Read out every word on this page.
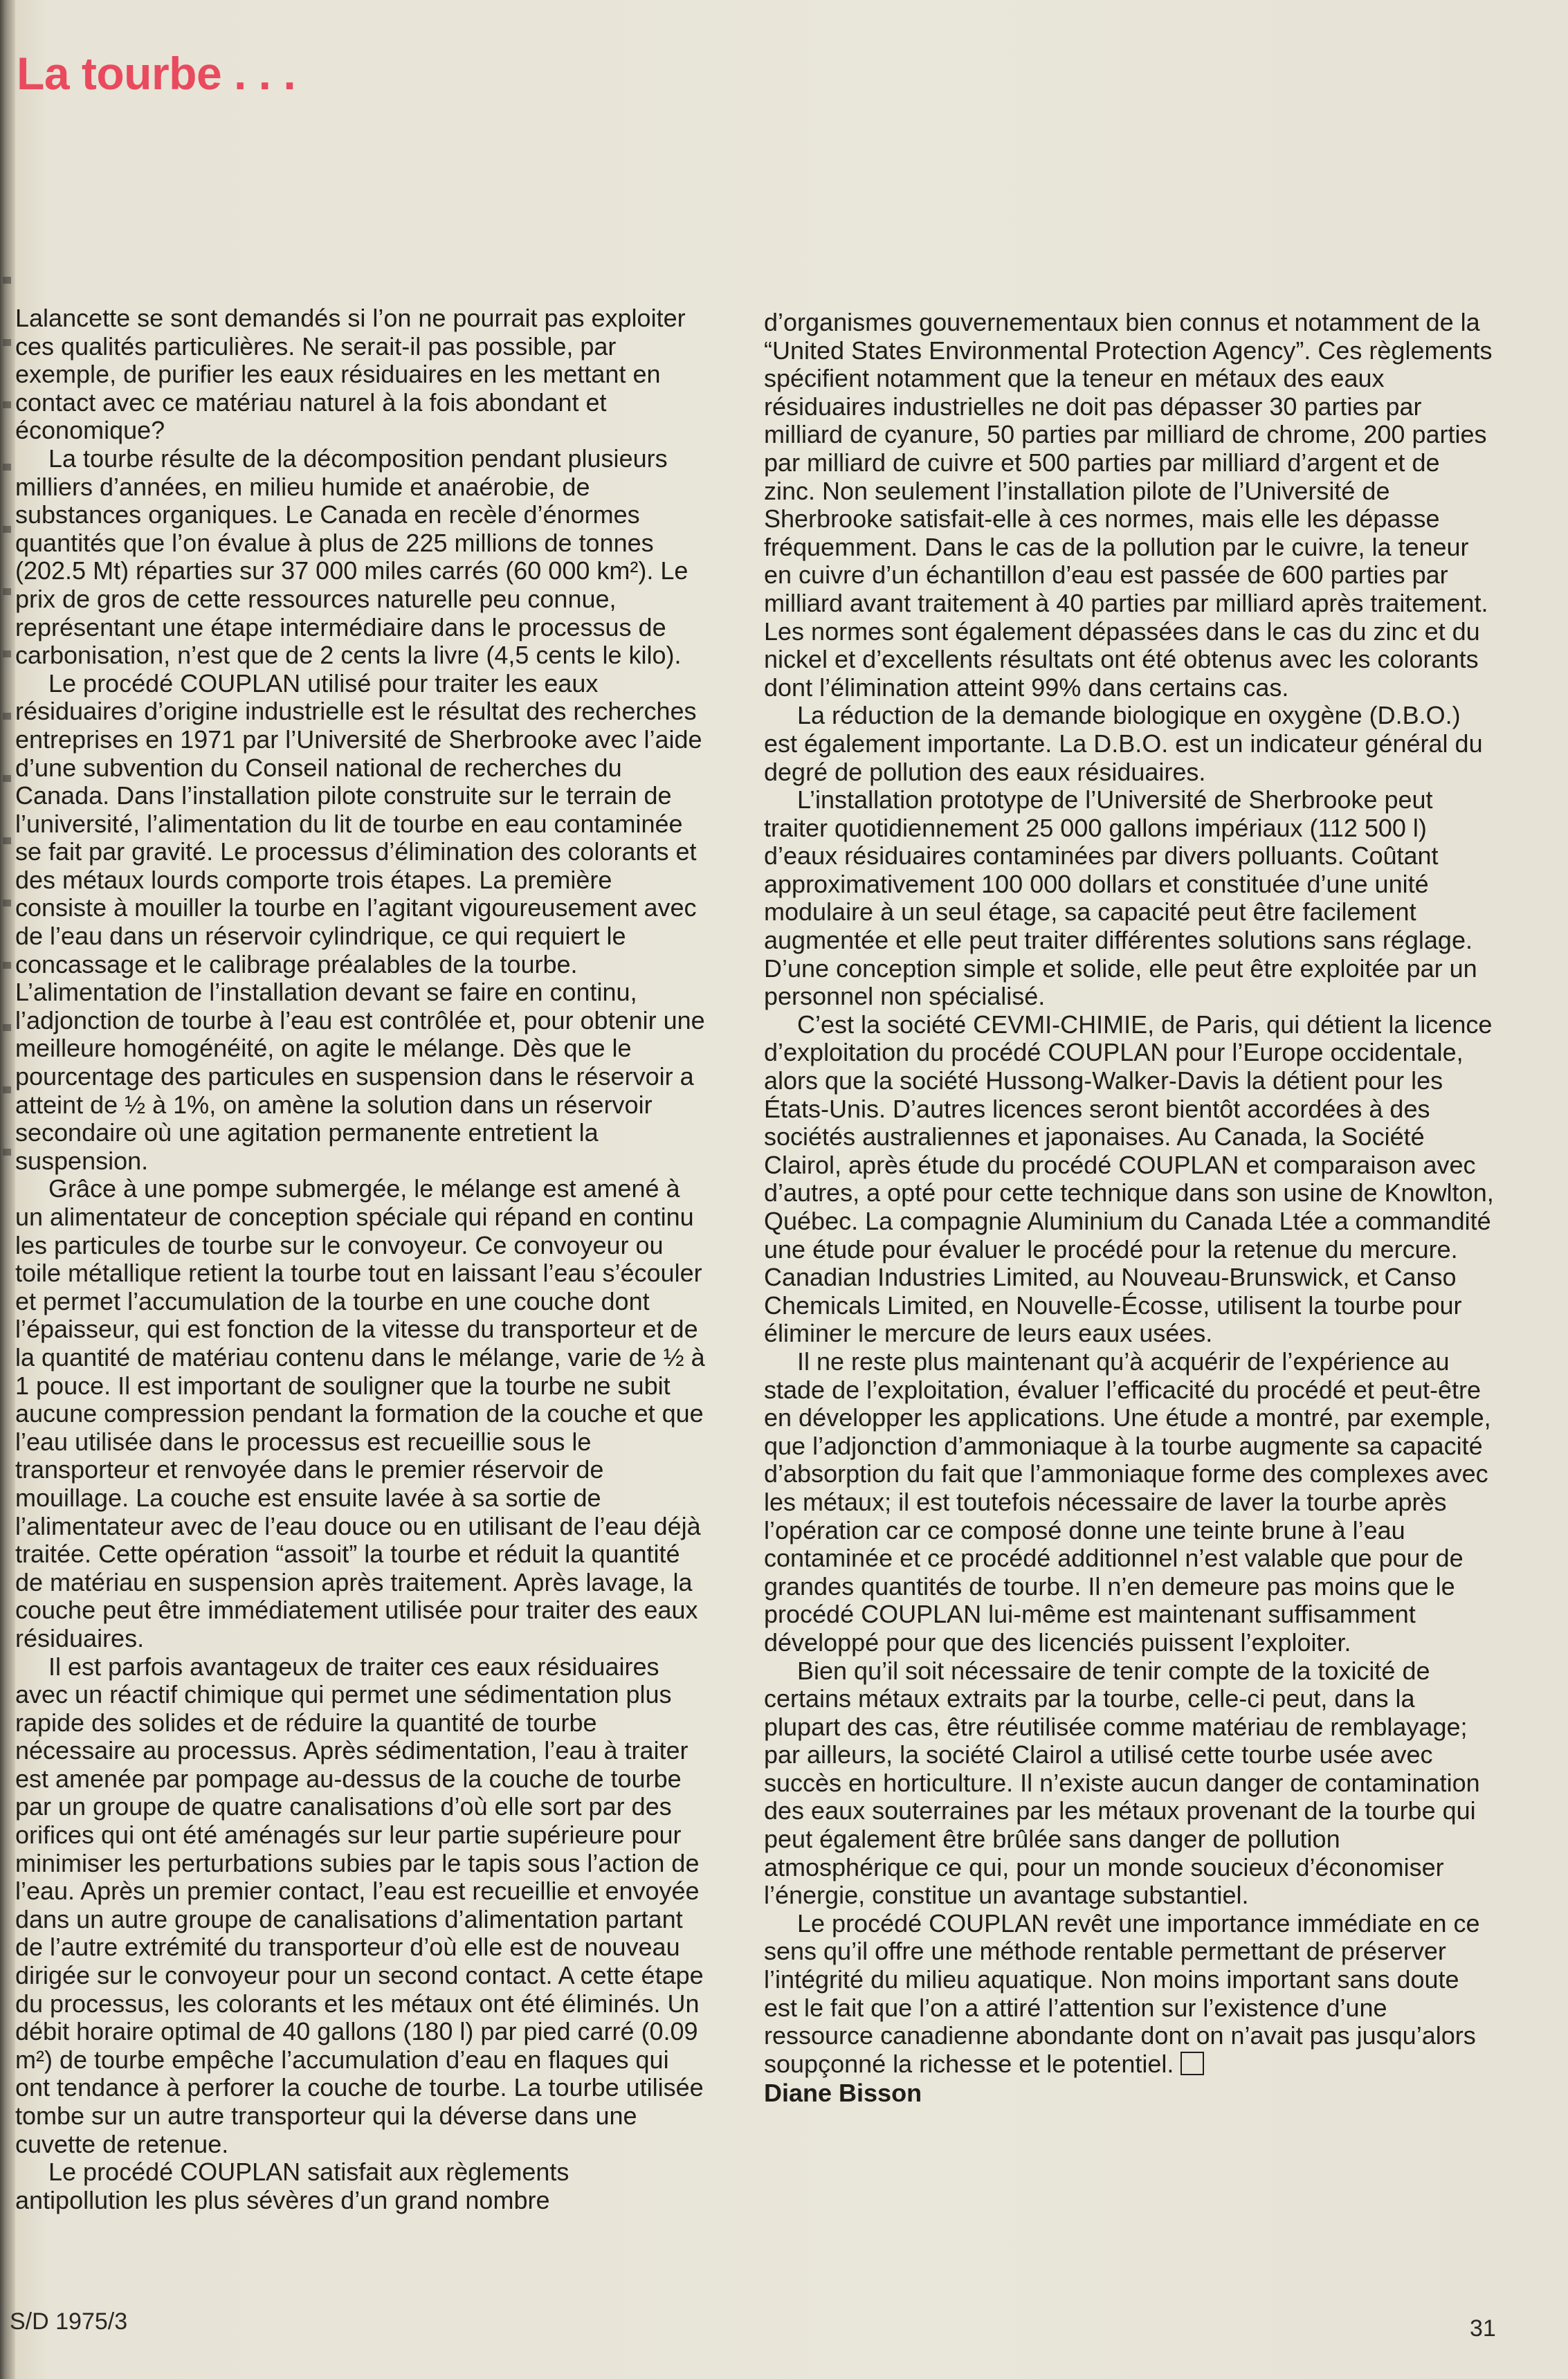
La tourbe . . .

Lalancette se sont demandés si l’on ne pourrait pas exploiter ces qualités particulières. Ne serait-il pas possible, par exemple, de purifier les eaux résiduaires en les mettant en contact avec ce matériau naturel à la fois abondant et économique?

La tourbe résulte de la décomposition pendant plusieurs milliers d’années, en milieu humide et anaérobie, de substances organiques. Le Canada en recèle d’énormes quantités que l’on évalue à plus de 225 millions de tonnes (202.5 Mt) réparties sur 37 000 miles carrés (60 000 km²). Le prix de gros de cette ressources naturelle peu connue, représentant une étape intermédiaire dans le processus de carbonisation, n’est que de 2 cents la livre (4,5 cents le kilo).

Le procédé COUPLAN utilisé pour traiter les eaux résiduaires d’origine industrielle est le résultat des recherches entreprises en 1971 par l’Université de Sherbrooke avec l’aide d’une subvention du Conseil national de recherches du Canada. Dans l’installation pilote construite sur le terrain de l’université, l’alimentation du lit de tourbe en eau contaminée se fait par gravité. Le processus d’élimination des colorants et des métaux lourds comporte trois étapes. La première consiste à mouiller la tourbe en l’agitant vigoureusement avec de l’eau dans un réservoir cylindrique, ce qui requiert le concassage et le calibrage préalables de la tourbe. L’alimentation de l’installation devant se faire en continu, l’adjonction de tourbe à l’eau est contrôlée et, pour obtenir une meilleure homogénéité, on agite le mélange. Dès que le pourcentage des particules en suspension dans le réservoir a atteint de ½ à 1%, on amène la solution dans un réservoir secondaire où une agitation permanente entretient la suspension.

Grâce à une pompe submergée, le mélange est amené à un alimentateur de conception spéciale qui répand en continu les particules de tourbe sur le convoyeur. Ce convoyeur ou toile métallique retient la tourbe tout en laissant l’eau s’écouler et permet l’accumulation de la tourbe en une couche dont l’épaisseur, qui est fonction de la vitesse du transporteur et de la quantité de matériau contenu dans le mélange, varie de ½ à 1 pouce. Il est important de souligner que la tourbe ne subit aucune compression pendant la formation de la couche et que l’eau utilisée dans le processus est recueillie sous le transporteur et renvoyée dans le premier réservoir de mouillage. La couche est ensuite lavée à sa sortie de l’alimentateur avec de l’eau douce ou en utilisant de l’eau déjà traitée. Cette opération “assoit” la tourbe et réduit la quantité de matériau en suspension après traitement. Après lavage, la couche peut être immédiatement utilisée pour traiter des eaux résiduaires.

Il est parfois avantageux de traiter ces eaux résiduaires avec un réactif chimique qui permet une sédimentation plus rapide des solides et de réduire la quantité de tourbe nécessaire au processus. Après sédimentation, l’eau à traiter est amenée par pompage au-dessus de la couche de tourbe par un groupe de quatre canalisations d’où elle sort par des orifices qui ont été aménagés sur leur partie supérieure pour minimiser les perturbations subies par le tapis sous l’action de l’eau. Après un premier contact, l’eau est recueillie et envoyée dans un autre groupe de canalisations d’alimentation partant de l’autre extrémité du transporteur d’où elle est de nouveau dirigée sur le convoyeur pour un second contact. A cette étape du processus, les colorants et les métaux ont été éliminés. Un débit horaire optimal de 40 gallons (180 l) par pied carré (0.09 m²) de tourbe empêche l’accumulation d’eau en flaques qui ont tendance à perforer la couche de tourbe. La tourbe utilisée tombe sur un autre transporteur qui la déverse dans une cuvette de retenue.

Le procédé COUPLAN satisfait aux règlements antipollution les plus sévères d’un grand nombre

d’organismes gouvernementaux bien connus et notamment de la “United States Environmental Protection Agency”. Ces règlements spécifient notamment que la teneur en métaux des eaux résiduaires industrielles ne doit pas dépasser 30 parties par milliard de cyanure, 50 parties par milliard de chrome, 200 parties par milliard de cuivre et 500 parties par milliard d’argent et de zinc. Non seulement l’installation pilote de l’Université de Sherbrooke satisfait-elle à ces normes, mais elle les dépasse fréquemment. Dans le cas de la pollution par le cuivre, la teneur en cuivre d’un échantillon d’eau est passée de 600 parties par milliard avant traitement à 40 parties par milliard après traitement. Les normes sont également dépassées dans le cas du zinc et du nickel et d’excellents résultats ont été obtenus avec les colorants dont l’élimination atteint 99% dans certains cas.

La réduction de la demande biologique en oxygène (D.B.O.) est également importante. La D.B.O. est un indicateur général du degré de pollution des eaux résiduaires.

L’installation prototype de l’Université de Sherbrooke peut traiter quotidiennement 25 000 gallons impériaux (112 500 l) d’eaux résiduaires contaminées par divers polluants. Coûtant approximativement 100 000 dollars et constituée d’une unité modulaire à un seul étage, sa capacité peut être facilement augmentée et elle peut traiter différentes solutions sans réglage. D’une conception simple et solide, elle peut être exploitée par un personnel non spécialisé.

C’est la société CEVMI-CHIMIE, de Paris, qui détient la licence d’exploitation du procédé COUPLAN pour l’Europe occidentale, alors que la société Hussong-Walker-Davis la détient pour les États-Unis. D’autres licences seront bientôt accordées à des sociétés australiennes et japonaises. Au Canada, la Société Clairol, après étude du procédé COUPLAN et comparaison avec d’autres, a opté pour cette technique dans son usine de Knowlton, Québec. La compagnie Aluminium du Canada Ltée a commandité une étude pour évaluer le procédé pour la retenue du mercure. Canadian Industries Limited, au Nouveau-Brunswick, et Canso Chemicals Limited, en Nouvelle-Écosse, utilisent la tourbe pour éliminer le mercure de leurs eaux usées.

Il ne reste plus maintenant qu’à acquérir de l’expérience au stade de l’exploitation, évaluer l’efficacité du procédé et peut-être en développer les applications. Une étude a montré, par exemple, que l’adjonction d’ammoniaque à la tourbe augmente sa capacité d’absorption du fait que l’ammoniaque forme des complexes avec les métaux; il est toutefois nécessaire de laver la tourbe après l’opération car ce composé donne une teinte brune à l’eau contaminée et ce procédé additionnel n’est valable que pour de grandes quantités de tourbe. Il n’en demeure pas moins que le procédé COUPLAN lui-même est maintenant suffisamment développé pour que des licenciés puissent l’exploiter.

Bien qu’il soit nécessaire de tenir compte de la toxicité de certains métaux extraits par la tourbe, celle-ci peut, dans la plupart des cas, être réutilisée comme matériau de remblayage; par ailleurs, la société Clairol a utilisé cette tourbe usée avec succès en horticulture. Il n’existe aucun danger de contamination des eaux souterraines par les métaux provenant de la tourbe qui peut également être brûlée sans danger de pollution atmosphérique ce qui, pour un monde soucieux d’économiser l’énergie, constitue un avantage substantiel.

Le procédé COUPLAN revêt une importance immédiate en ce sens qu’il offre une méthode rentable permettant de préserver l’intégrité du milieu aquatique. Non moins important sans doute est le fait que l’on a attiré l’attention sur l’existence d’une ressource canadienne abondante dont on n’avait pas jusqu’alors soupçonné la richesse et le potentiel.

Diane Bisson
S/D 1975/3	31
